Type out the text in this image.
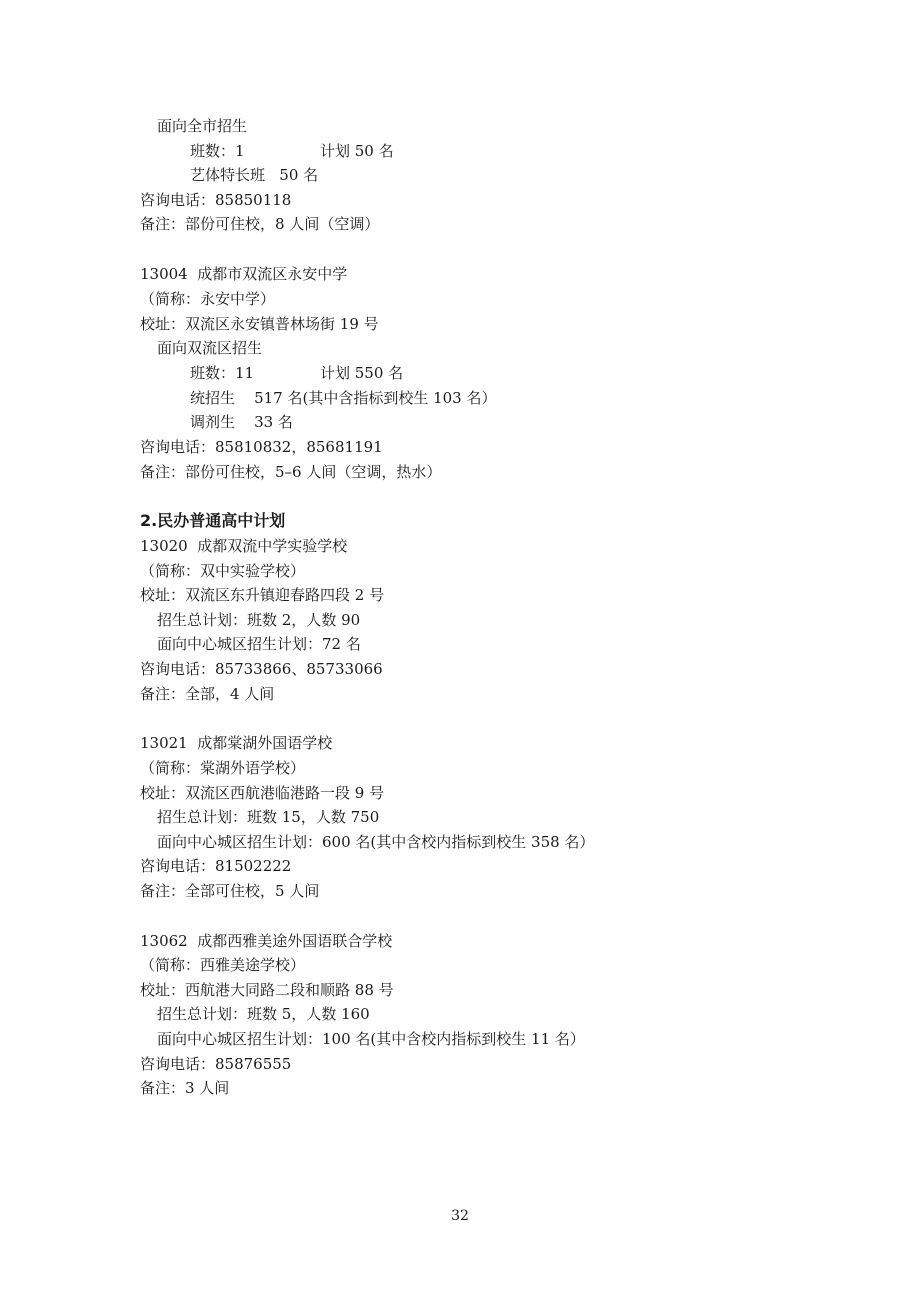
面向全市招生
班数：1	计划 50 名
艺体特长班   50 名
咨询电话：85850118
备注：部份可住校，8 人间（空调）
13004  成都市双流区永安中学
（简称：永安中学）
校址：双流区永安镇普林场街 19 号
面向双流区招生
班数：11	计划 550 名
统招生    517 名(其中含指标到校生 103 名）
调剂生    33 名
咨询电话：85810832，85681191
备注：部份可住校，5–6 人间（空调，热水）
2.民办普通高中计划
13020  成都双流中学实验学校
（简称：双中实验学校）
校址：双流区东升镇迎春路四段 2 号
招生总计划：班数 2，人数 90
面向中心城区招生计划：72 名
咨询电话：85733866、85733066
备注：全部，4 人间
13021  成都棠湖外国语学校
（简称：棠湖外语学校）
校址：双流区西航港临港路一段 9 号
招生总计划：班数 15，人数 750
面向中心城区招生计划：600 名(其中含校内指标到校生 358 名）
咨询电话：81502222
备注：全部可住校，5 人间
13062  成都西雅美途外国语联合学校
（简称：西雅美途学校）
校址：西航港大同路二段和顺路 88 号
招生总计划：班数 5，人数 160
面向中心城区招生计划：100 名(其中含校内指标到校生 11 名）
咨询电话：85876555
备注：3 人间
32
